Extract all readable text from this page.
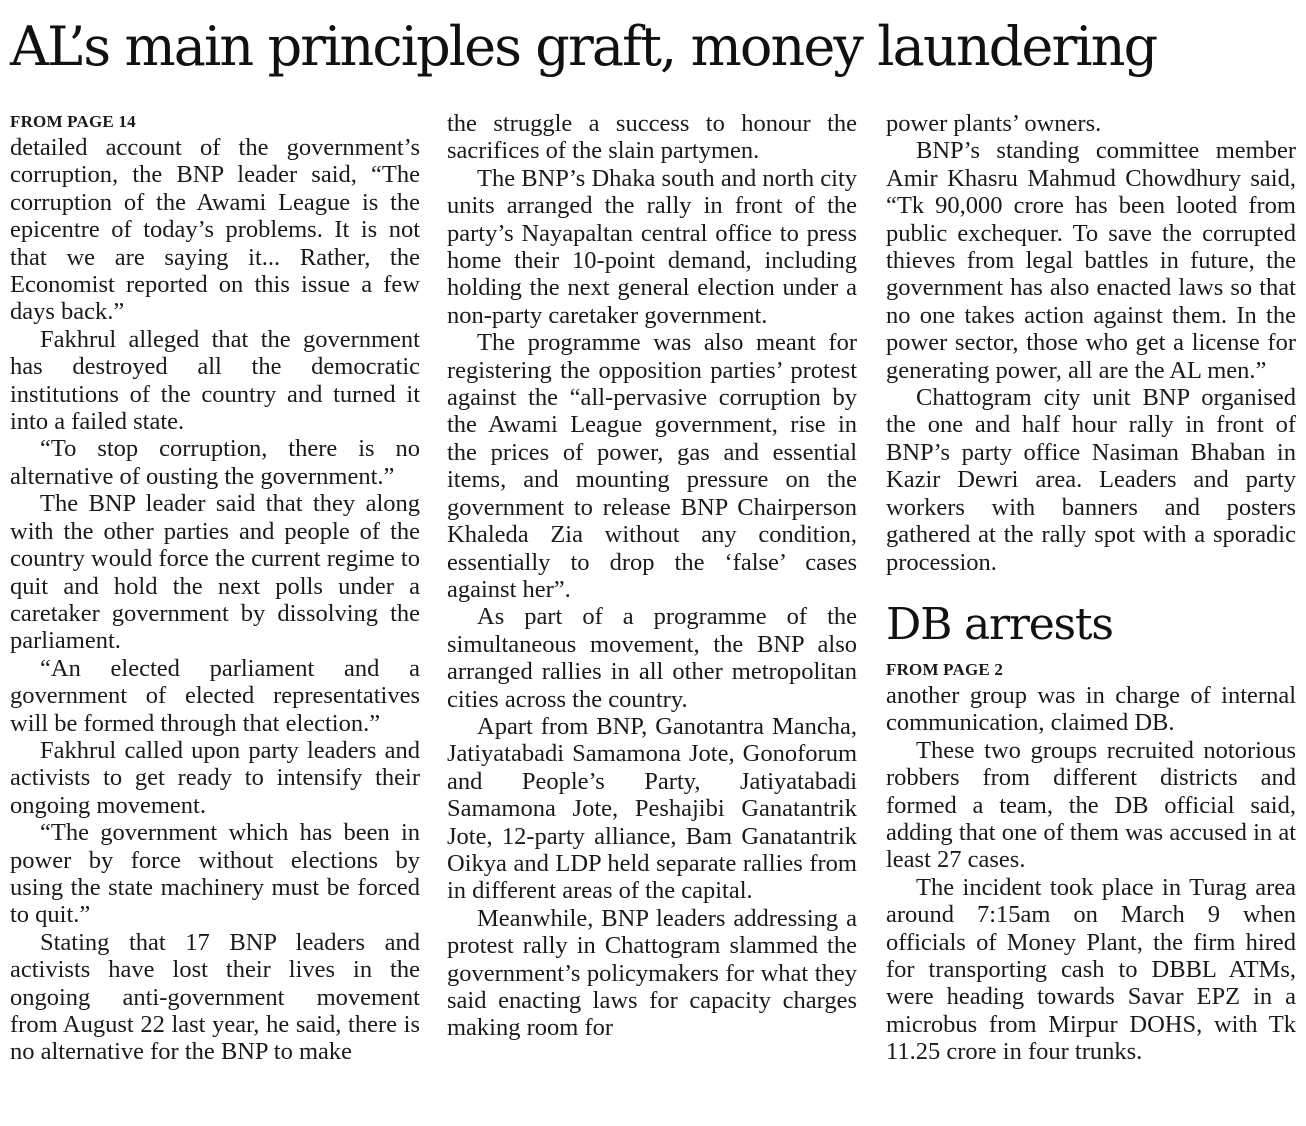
AL’s main principles graft, money laundering
FROM PAGE 14

detailed account of the government’s corruption, the BNP leader said, “The corruption of the Awami League is the epicentre of today’s problems. It is not that we are saying it... Rather, the Economist reported on this issue a few days back.”

Fakhrul alleged that the government has destroyed all the democratic institutions of the country and turned it into a failed state.

“To stop corruption, there is no alternative of ousting the government.”

The BNP leader said that they along with the other parties and people of the country would force the current regime to quit and hold the next polls under a caretaker government by dissolving the parliament.

“An elected parliament and a government of elected representatives will be formed through that election.”

Fakhrul called upon party leaders and activists to get ready to intensify their ongoing movement.

“The government which has been in power by force without elections by using the state machinery must be forced to quit.”

Stating that 17 BNP leaders and activists have lost their lives in the ongoing anti-government movement from August 22 last year, he said, there is no alternative for the BNP to make

the struggle a success to honour the sacrifices of the slain partymen.

The BNP’s Dhaka south and north city units arranged the rally in front of the party’s Nayapaltan central office to press home their 10-point demand, including holding the next general election under a non-party caretaker government.

The programme was also meant for registering the opposition parties’ protest against the “all-pervasive corruption by the Awami League government, rise in the prices of power, gas and essential items, and mounting pressure on the government to release BNP Chairperson Khaleda Zia without any condition, essentially to drop the ‘false’ cases against her”.

As part of a programme of the simultaneous movement, the BNP also arranged rallies in all other metropolitan cities across the country.

Apart from BNP, Ganotantra Mancha, Jatiyatabadi Samamona Jote, Gonoforum and People’s Party, Jatiyatabadi Samamona Jote, Peshajibi Ganatantrik Jote, 12-party alliance, Bam Ganatantrik Oikya and LDP held separate rallies from in different areas of the capital.

Meanwhile, BNP leaders addressing a protest rally in Chattogram slammed the government’s policymakers for what they said enacting laws for capacity charges making room for

power plants’ owners.

BNP’s standing committee member Amir Khasru Mahmud Chowdhury said, “Tk 90,000 crore has been looted from public exchequer. To save the corrupted thieves from legal battles in future, the government has also enacted laws so that no one takes action against them. In the power sector, those who get a license for generating power, all are the AL men.”

Chattogram city unit BNP organised the one and half hour rally in front of BNP’s party office Nasiman Bhaban in Kazir Dewri area. Leaders and party workers with banners and posters gathered at the rally spot with a sporadic procession.

DB arrests
FROM PAGE 2

another group was in charge of internal communication, claimed DB.

These two groups recruited notorious robbers from different districts and formed a team, the DB official said, adding that one of them was accused in at least 27 cases.

The incident took place in Turag area around 7:15am on March 9 when officials of Money Plant, the firm hired for transporting cash to DBBL ATMs, were heading towards Savar EPZ in a microbus from Mirpur DOHS, with Tk 11.25 crore in four trunks.
